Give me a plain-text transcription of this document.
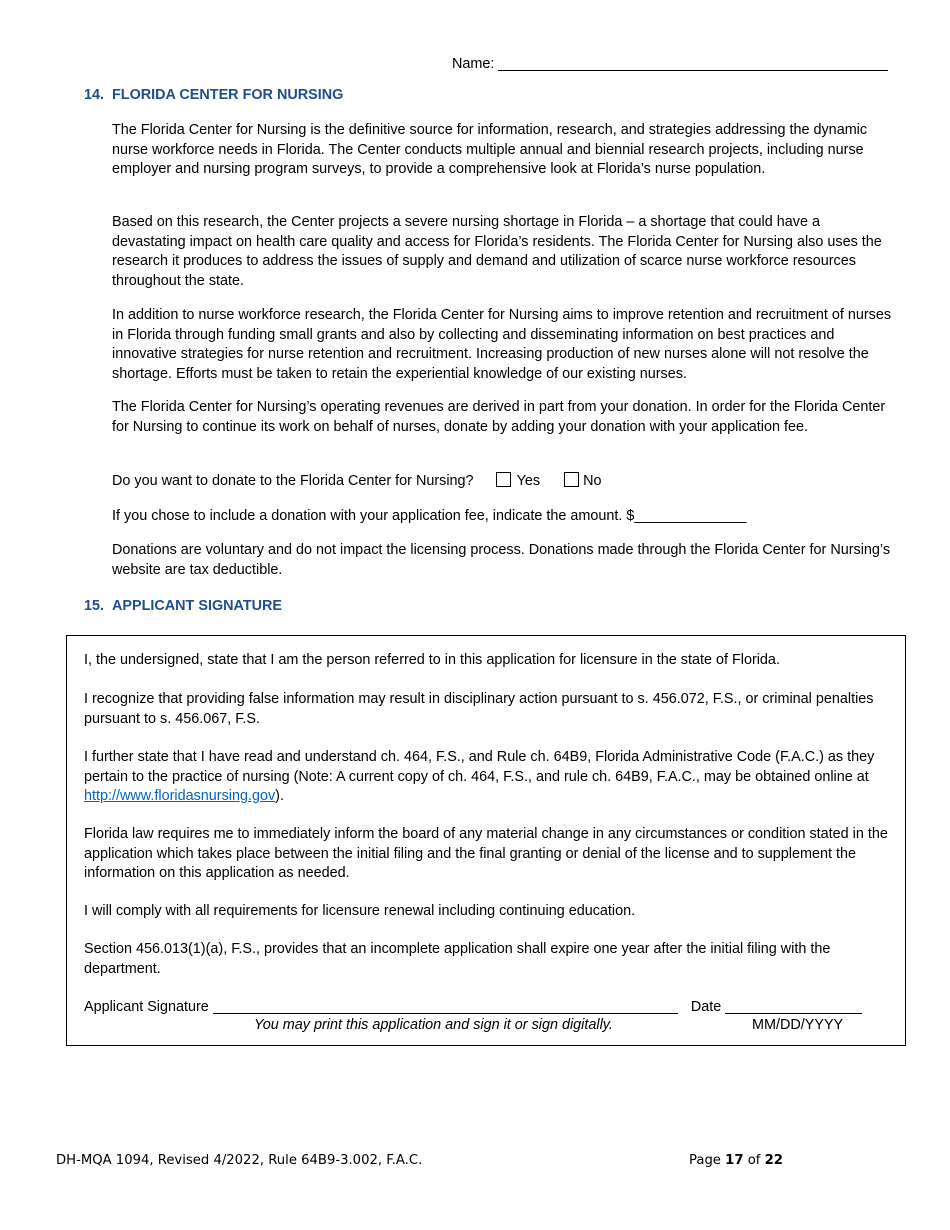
Name:
14. FLORIDA CENTER FOR NURSING

The Florida Center for Nursing is the definitive source for information, research, and strategies addressing the dynamic nurse workforce needs in Florida. The Center conducts multiple annual and biennial research projects, including nurse employer and nursing program surveys, to provide a comprehensive look at Florida’s nurse population.

Based on this research, the Center projects a severe nursing shortage in Florida – a shortage that could have a devastating impact on health care quality and access for Florida’s residents. The Florida Center for Nursing also uses the research it produces to address the issues of supply and demand and utilization of scarce nurse workforce resources throughout the state.

In addition to nurse workforce research, the Florida Center for Nursing aims to improve retention and recruitment of nurses in Florida through funding small grants and also by collecting and disseminating information on best practices and innovative strategies for nurse retention and recruitment. Increasing production of new nurses alone will not resolve the shortage. Efforts must be taken to retain the experiential knowledge of our existing nurses.

The Florida Center for Nursing’s operating revenues are derived in part from your donation. In order for the Florida Center for Nursing to continue its work on behalf of nurses, donate by adding your donation with your application fee.

Do you want to donate to the Florida Center for Nursing?	Yes	No

If you chose to include a donation with your application fee, indicate the amount. $______________

Donations are voluntary and do not impact the licensing process. Donations made through the Florida Center for Nursing’s website are tax deductible.

15. APPLICANT SIGNATURE

I, the undersigned, state that I am the person referred to in this application for licensure in the state of Florida.

I recognize that providing false information may result in disciplinary action pursuant to s. 456.072, F.S., or criminal penalties pursuant to s. 456.067, F.S.

I further state that I have read and understand ch. 464, F.S., and Rule ch. 64B9, Florida Administrative Code (F.A.C.) as they pertain to the practice of nursing (Note: A current copy of ch. 464, F.S., and rule ch. 64B9, F.A.C., may be obtained online at http://www.floridasnursing.gov).

Florida law requires me to immediately inform the board of any material change in any circumstances or condition stated in the application which takes place between the initial filing and the final granting or denial of the license and to supplement the information on this application as needed.

I will comply with all requirements for licensure renewal including continuing education.

Section 456.013(1)(a), F.S., provides that an incomplete application shall expire one year after the initial filing with the department.

Applicant Signature	Date
You may print this application and sign it or sign digitally.	MM/DD/YYYY
DH-MQA 1094, Revised 4/2022, Rule 64B9-3.002, F.A.C.	Page 17 of 22
